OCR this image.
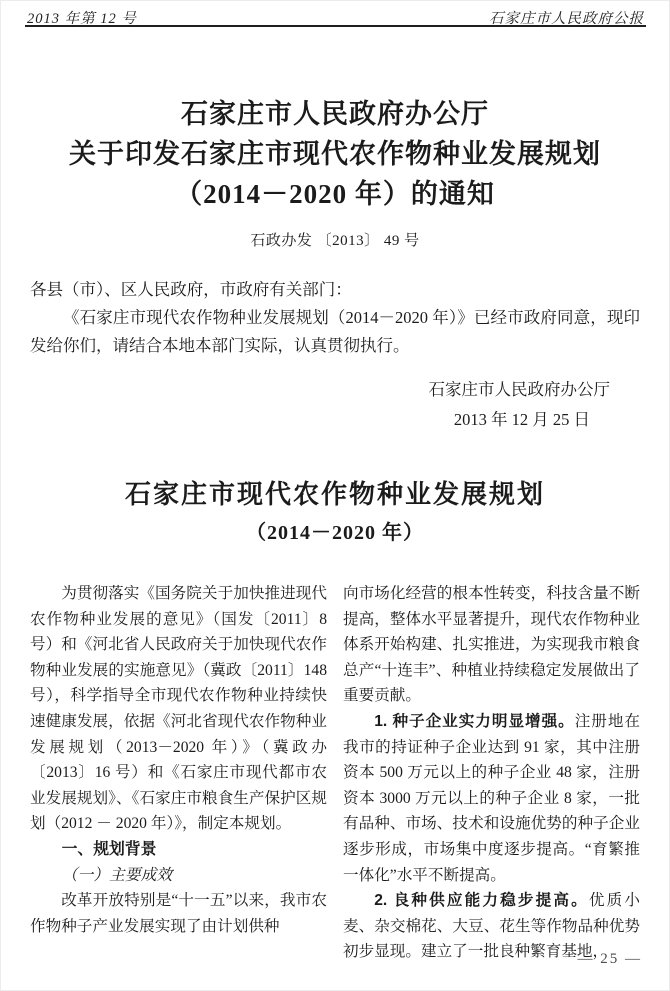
2013 年第 12 号	石家庄市人民政府公报
石家庄市人民政府办公厅
关于印发石家庄市现代农作物种业发展规划
（2014－2020 年）的通知
石政办发 〔2013〕 49 号

各县（市）、区人民政府，市政府有关部门：

《石家庄市现代农作物种业发展规划（2014－2020 年）》已经市政府同意，现印发给你们，请结合本地本部门实际，认真贯彻执行。

石家庄市人民政府办公厅
2013 年 12 月 25 日
石家庄市现代农作物种业发展规划
（2014－2020 年）

为贯彻落实《国务院关于加快推进现代农作物种业发展的意见》（国发〔2011〕8 号）和《河北省人民政府关于加快现代农作物种业发展的实施意见》（冀政〔2011〕148 号），科学指导全市现代农作物种业持续快速健康发展，依据《河北省现代农作物种业发展规划（2013－2020 年）》（冀政办〔2013〕16 号）和《石家庄市现代都市农业发展规划》、《石家庄市粮食生产保护区规划（2012 － 2020 年）》，制定本规划。

一、规划背景

（一）主要成效

改革开放特别是“十一五”以来，我市农作物种子产业发展实现了由计划供种

向市场化经营的根本性转变，科技含量不断提高，整体水平显著提升，现代农作物种业体系开始构建、扎实推进，为实现我市粮食总产“十连丰”、种植业持续稳定发展做出了重要贡献。

1. 种子企业实力明显增强。注册地在我市的持证种子企业达到 91 家，其中注册资本 500 万元以上的种子企业 48 家，注册资本 3000 万元以上的种子企业 8 家，一批有品种、市场、技术和设施优势的种子企业逐步形成，市场集中度逐步提高。“育繁推一体化”水平不断提高。

2. 良种供应能力稳步提高。优质小麦、杂交棉花、大豆、花生等作物品种优势初步显现。建立了一批良种繁育基地，

— 25 —
